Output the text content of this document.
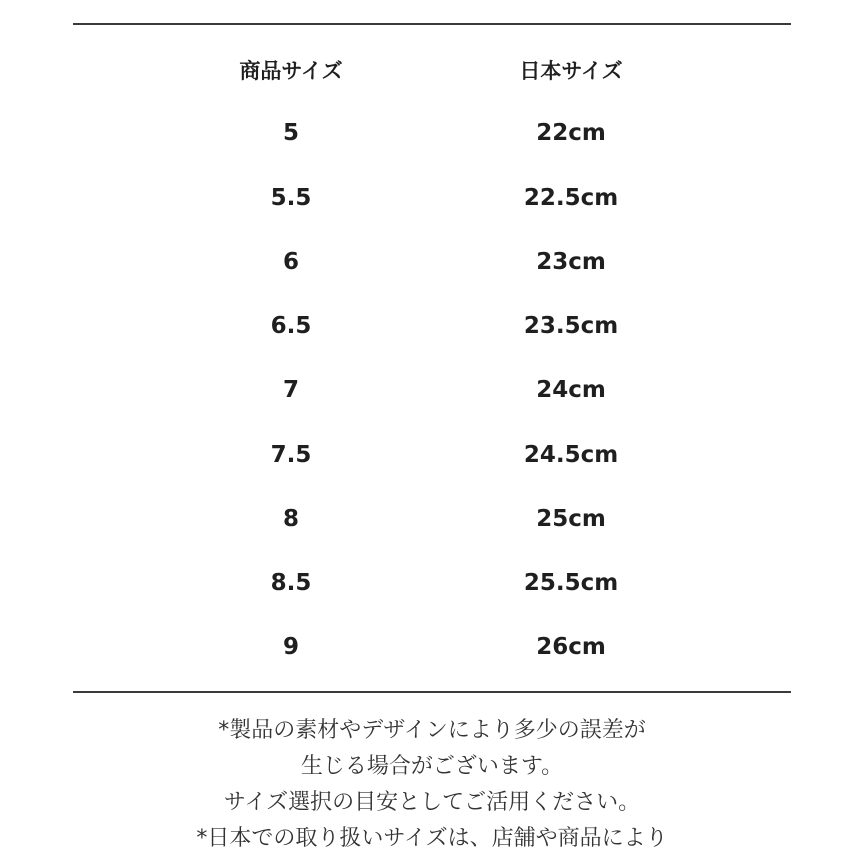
商品サイズ	日本サイズ
5	22cm
5.5	22.5cm
6	23cm
6.5	23.5cm
7	24cm
7.5	24.5cm
8	25cm
8.5	25.5cm
9	26cm
*製品の素材やデザインにより多少の誤差が
生じる場合がございます。
サイズ選択の目安としてご活用ください。
*日本での取り扱いサイズは、店舗や商品により
